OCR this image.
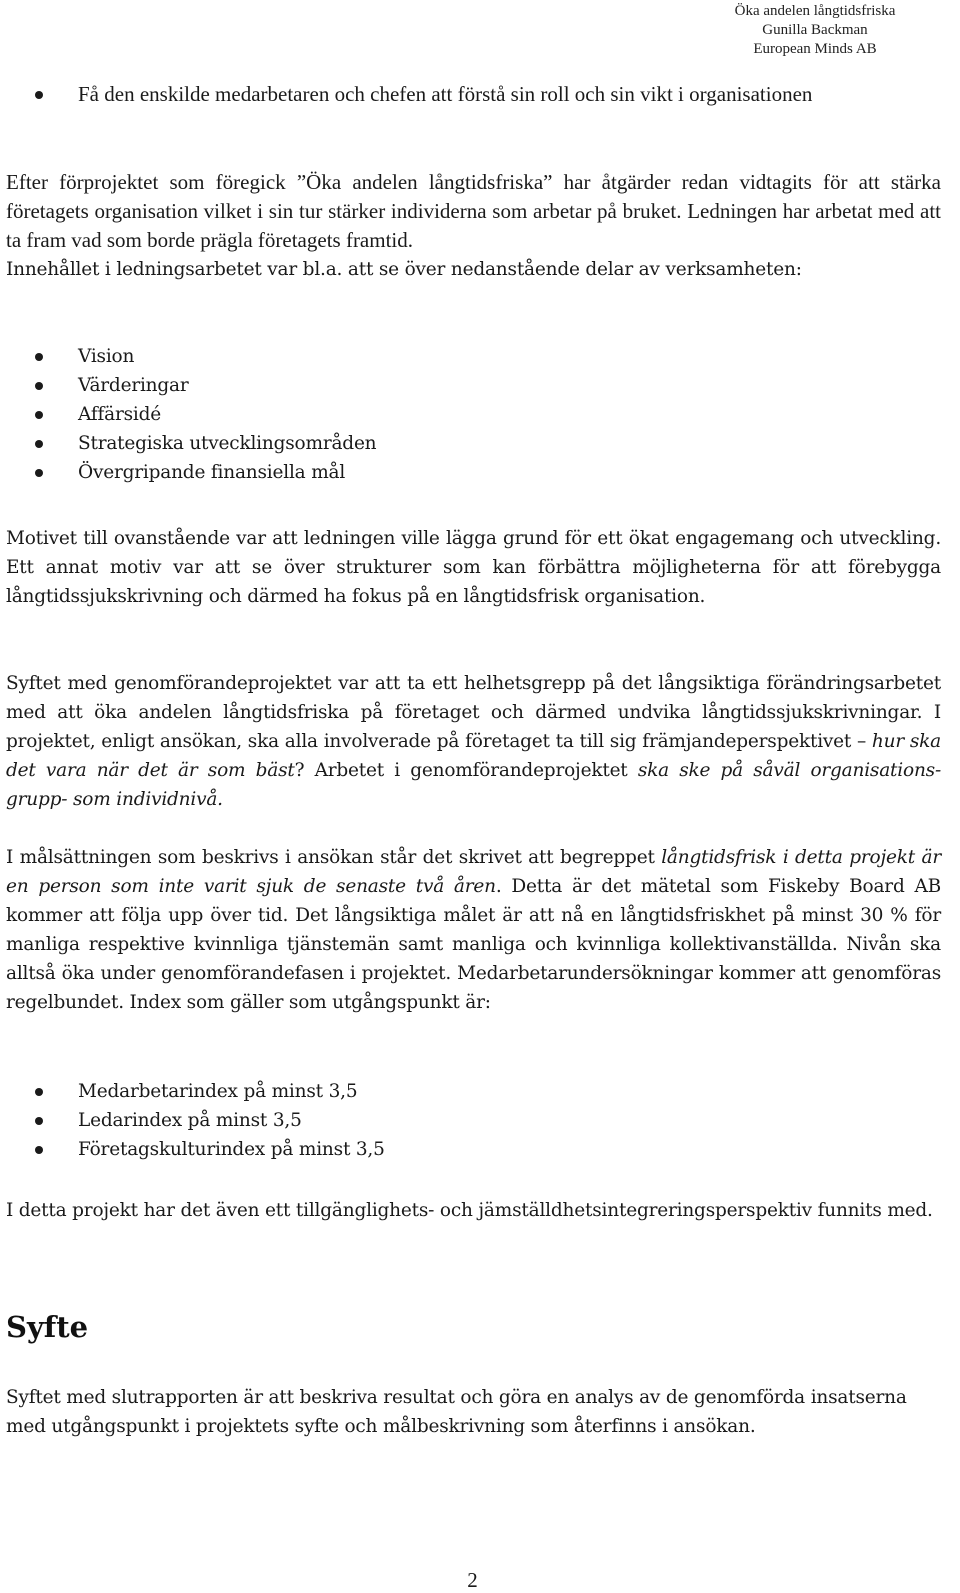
Öka andelen långtidsfriska
Gunilla Backman
European Minds AB
Få den enskilde medarbetaren och chefen att förstå sin roll och sin vikt i organisationen

Efter förprojektet som föregick ”Öka andelen långtidsfriska” har åtgärder redan vidtagits för att stärka företagets organisation vilket i sin tur stärker individerna som arbetar på bruket. Ledningen har arbetat med att ta fram vad som borde prägla företagets framtid.

Innehållet i ledningsarbetet var bl.a. att se över nedanstående delar av verksamheten:

Vision
Värderingar
Affärsidé
Strategiska utvecklingsområden
Övergripande finansiella mål

Motivet till ovanstående var att ledningen ville lägga grund för ett ökat engagemang och utveckling. Ett annat motiv var att se över strukturer som kan förbättra möjligheterna för att förebygga långtidssjukskrivning och därmed ha fokus på en långtidsfrisk organisation.

Syftet med genomförandeprojektet var att ta ett helhetsgrepp på det långsiktiga förändringsarbetet med att öka andelen långtidsfriska på företaget och därmed undvika långtidssjukskrivningar. I projektet, enligt ansökan, ska alla involverade på företaget ta till sig främjandeperspektivet – hur ska det vara när det är som bäst? Arbetet i genomförandeprojektet ska ske på såväl organisations- grupp- som individnivå.

I målsättningen som beskrivs i ansökan står det skrivet att begreppet långtidsfrisk i detta projekt är en person som inte varit sjuk de senaste två åren. Detta är det mätetal som Fiskeby Board AB kommer att följa upp över tid. Det långsiktiga målet är att nå en långtidsfriskhet på minst 30 % för manliga respektive kvinnliga tjänstemän samt manliga och kvinnliga kollektivanställda. Nivån ska alltså öka under genomförandefasen i projektet. Medarbetarundersökningar kommer att genomföras regelbundet. Index som gäller som utgångspunkt är:

Medarbetarindex på minst 3,5
Ledarindex på minst 3,5
Företagskulturindex på minst 3,5

I detta projekt har det även ett tillgänglighets- och jämställdhetsintegreringsperspektiv funnits med.

Syfte

Syftet med slutrapporten är att beskriva resultat och göra en analys av de genomförda insatserna med utgångspunkt i projektets syfte och målbeskrivning som återfinns i ansökan.

2
